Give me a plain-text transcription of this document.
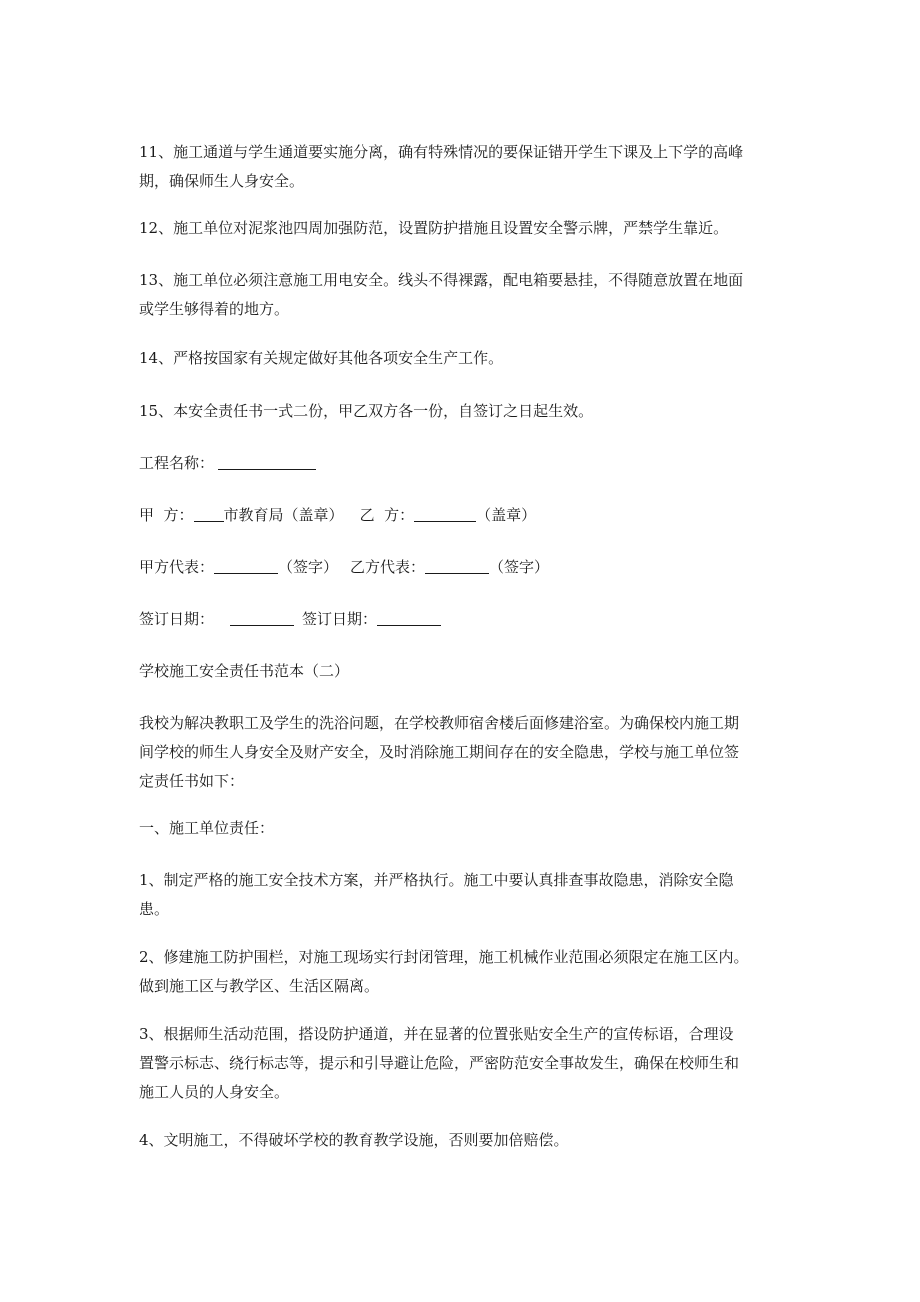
11、施工通道与学生通道要实施分离，确有特殊情况的要保证错开学生下课及上下学的高峰
期，确保师生人身安全。
12、施工单位对泥浆池四周加强防范，设置防护措施且设置安全警示牌，严禁学生靠近。
13、施工单位必须注意施工用电安全。线头不得裸露，配电箱要悬挂，不得随意放置在地面
或学生够得着的地方。
14、严格按国家有关规定做好其他各项安全生产工作。
15、本安全责任书一式二份，甲乙双方各一份，自签订之日起生效。
工程名称：
甲  方： 市教育局（盖章） 乙  方：	（盖章）
甲方代表：	（签字） 乙方代表：	（签字）
签订日期：	签订日期：
学校施工安全责任书范本（二）
我校为解决教职工及学生的洗浴问题，在学校教师宿舍楼后面修建浴室。为确保校内施工期
间学校的师生人身安全及财产安全，及时消除施工期间存在的安全隐患，学校与施工单位签
定责任书如下：
一、施工单位责任：
1、制定严格的施工安全技术方案，并严格执行。施工中要认真排查事故隐患，消除安全隐
患。
2、修建施工防护围栏，对施工现场实行封闭管理，施工机械作业范围必须限定在施工区内。
做到施工区与教学区、生活区隔离。
3、根据师生活动范围，搭设防护通道，并在显著的位置张贴安全生产的宣传标语，合理设
置警示标志、绕行标志等，提示和引导避让危险，严密防范安全事故发生，确保在校师生和
施工人员的人身安全。
4、文明施工，不得破坏学校的教育教学设施，否则要加倍赔偿。
